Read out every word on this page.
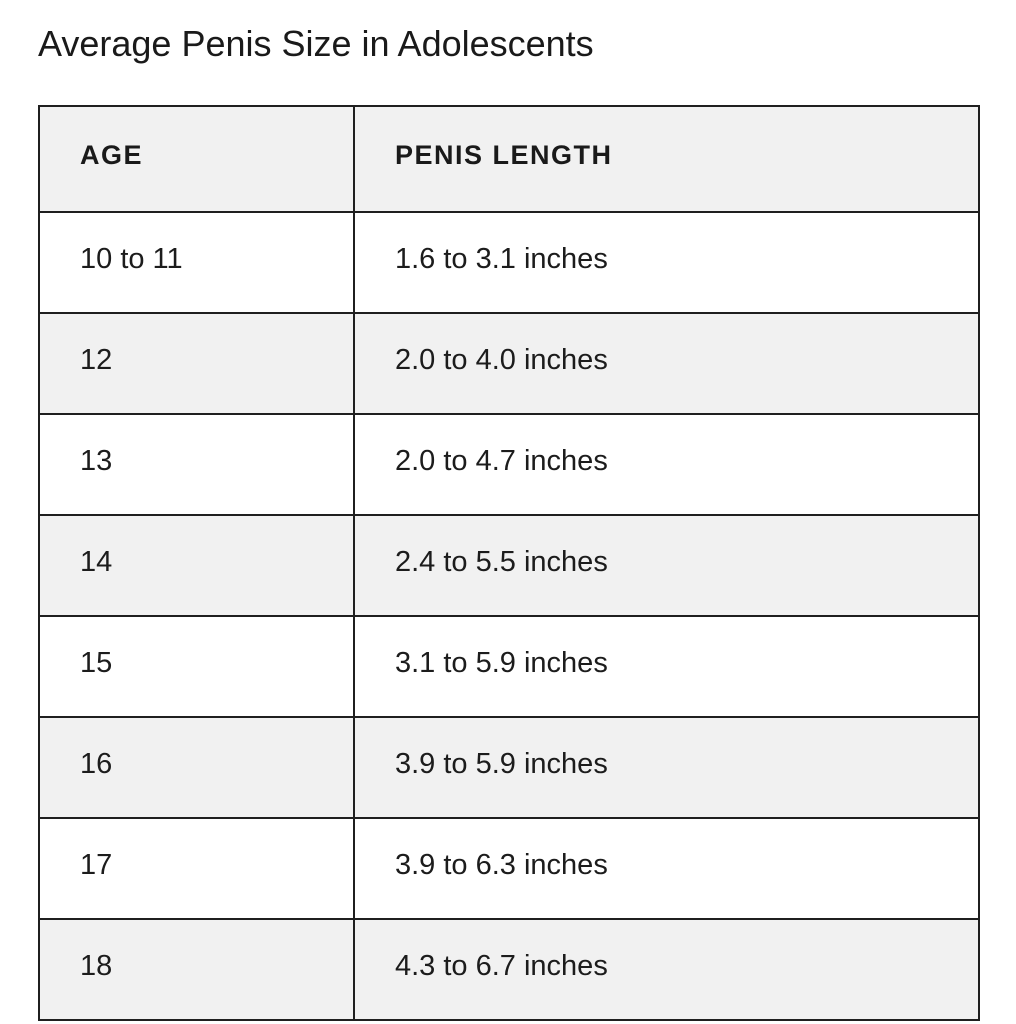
Average Penis Size in Adolescents
AGE	PENIS LENGTH
10 to 11	1.6 to 3.1 inches
12	2.0 to 4.0 inches
13	2.0 to 4.7 inches
14	2.4 to 5.5 inches
15	3.1 to 5.9 inches
16	3.9 to 5.9 inches
17	3.9 to 6.3 inches
18	4.3 to 6.7 inches
